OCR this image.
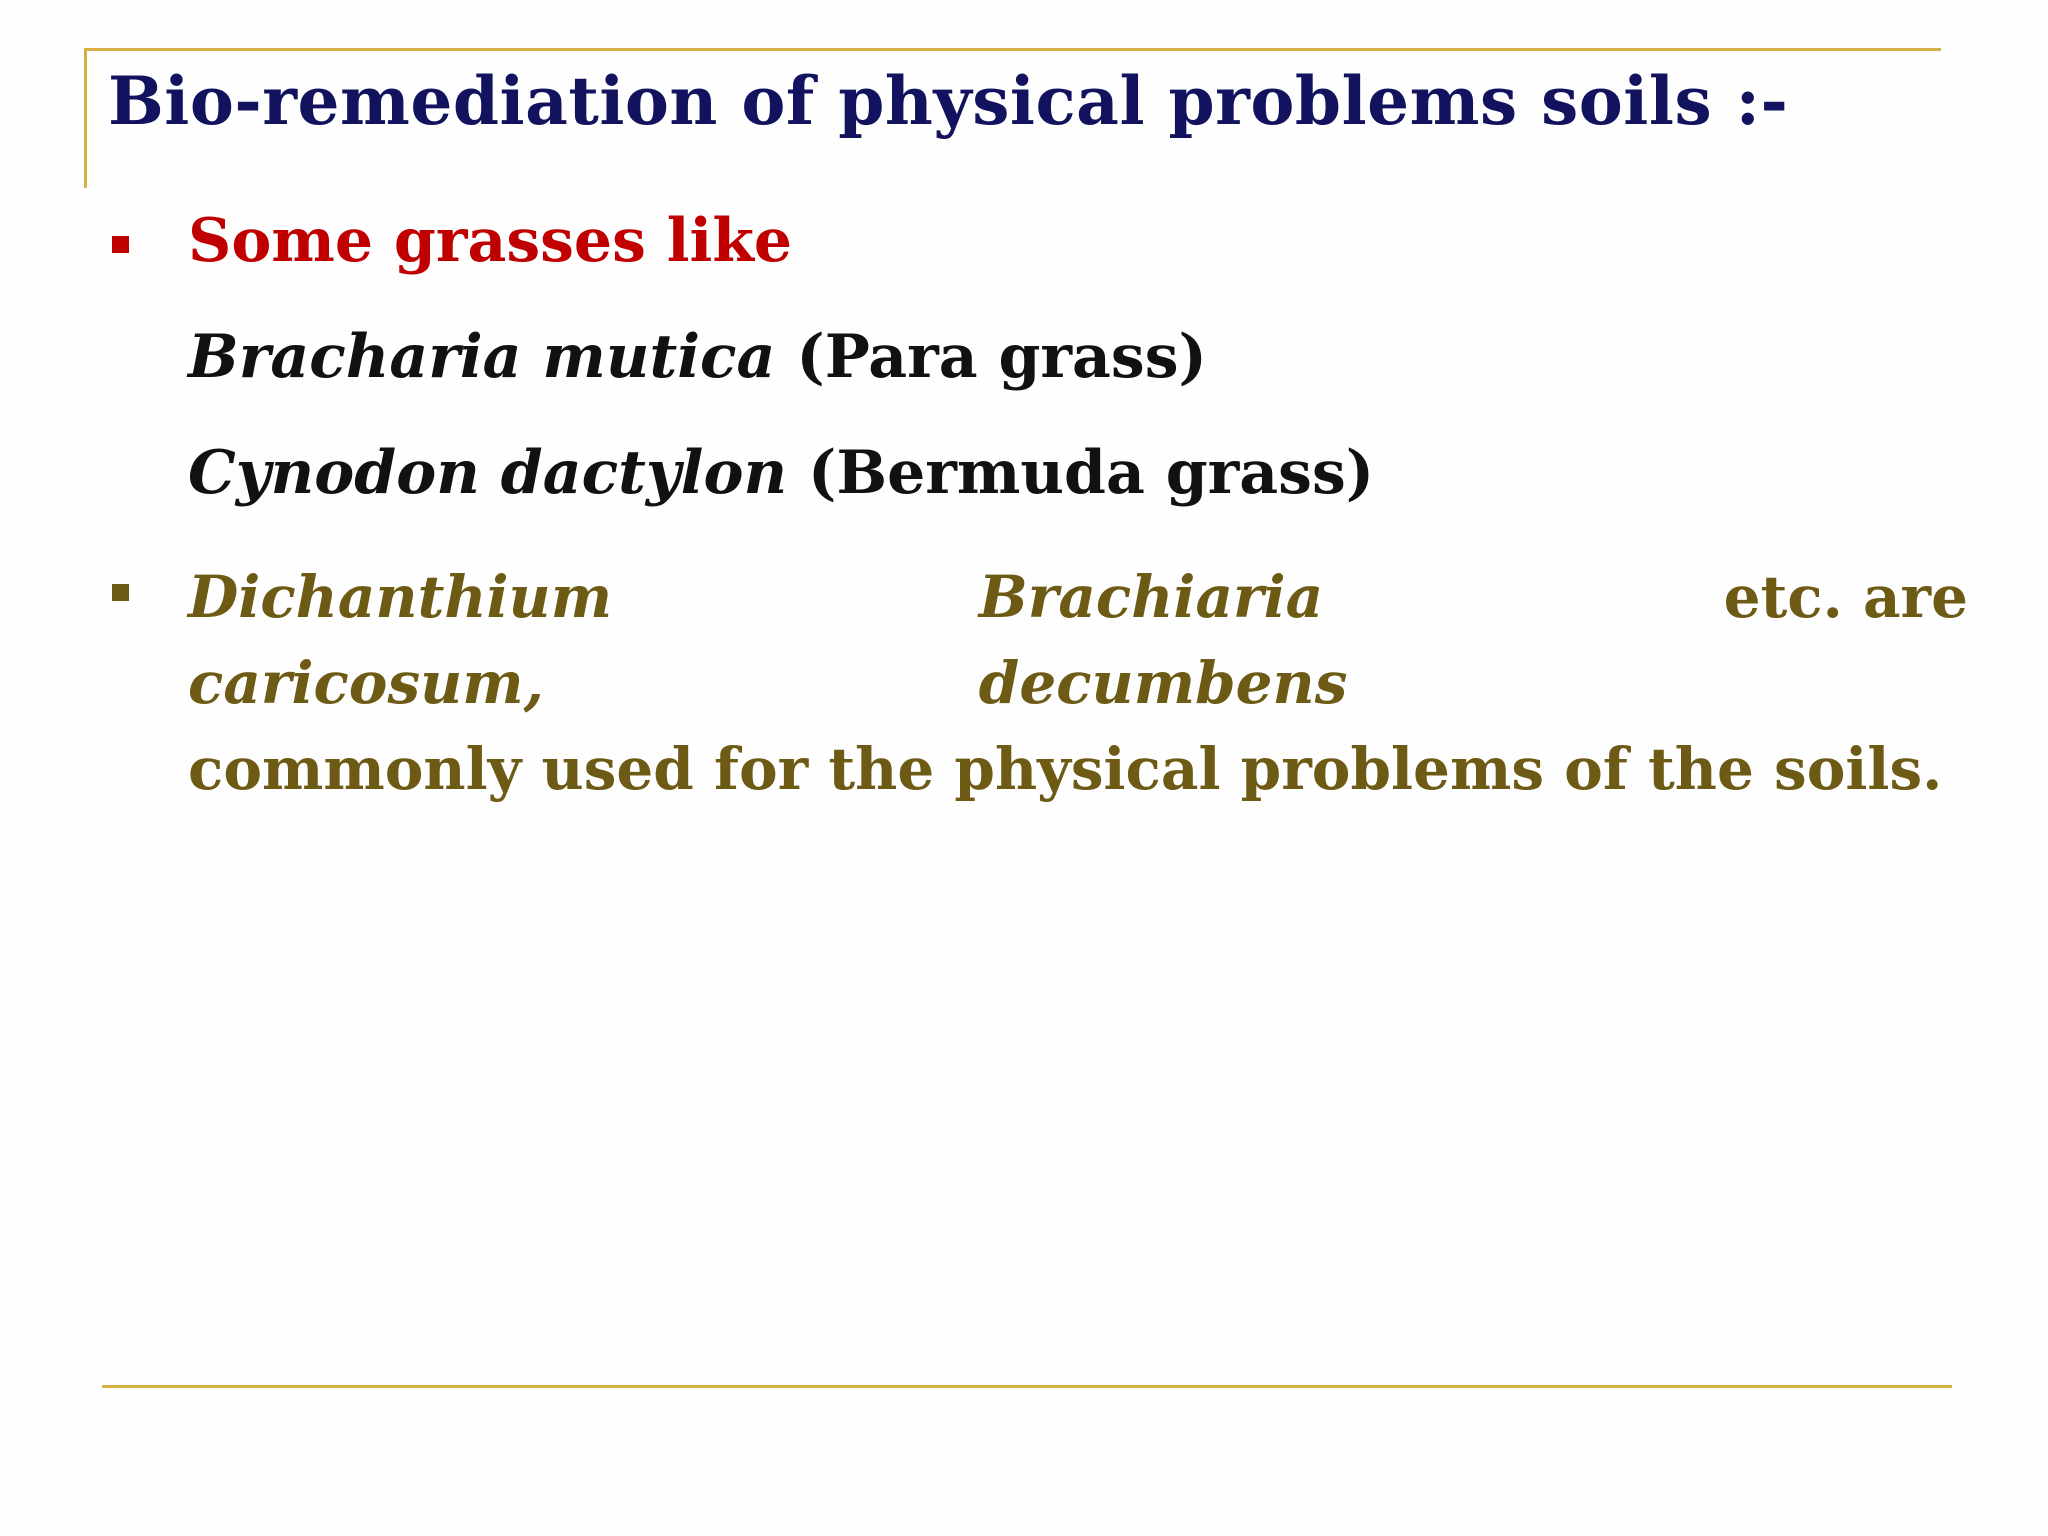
Bio-remediation of physical problems soils :-
Some grasses like
Bracharia mutica (Para grass)
Cynodon dactylon (Bermuda grass)
Dichanthium caricosum,
Brachiaria decumbens
etc. are
commonly used for the physical problems of the soils.
